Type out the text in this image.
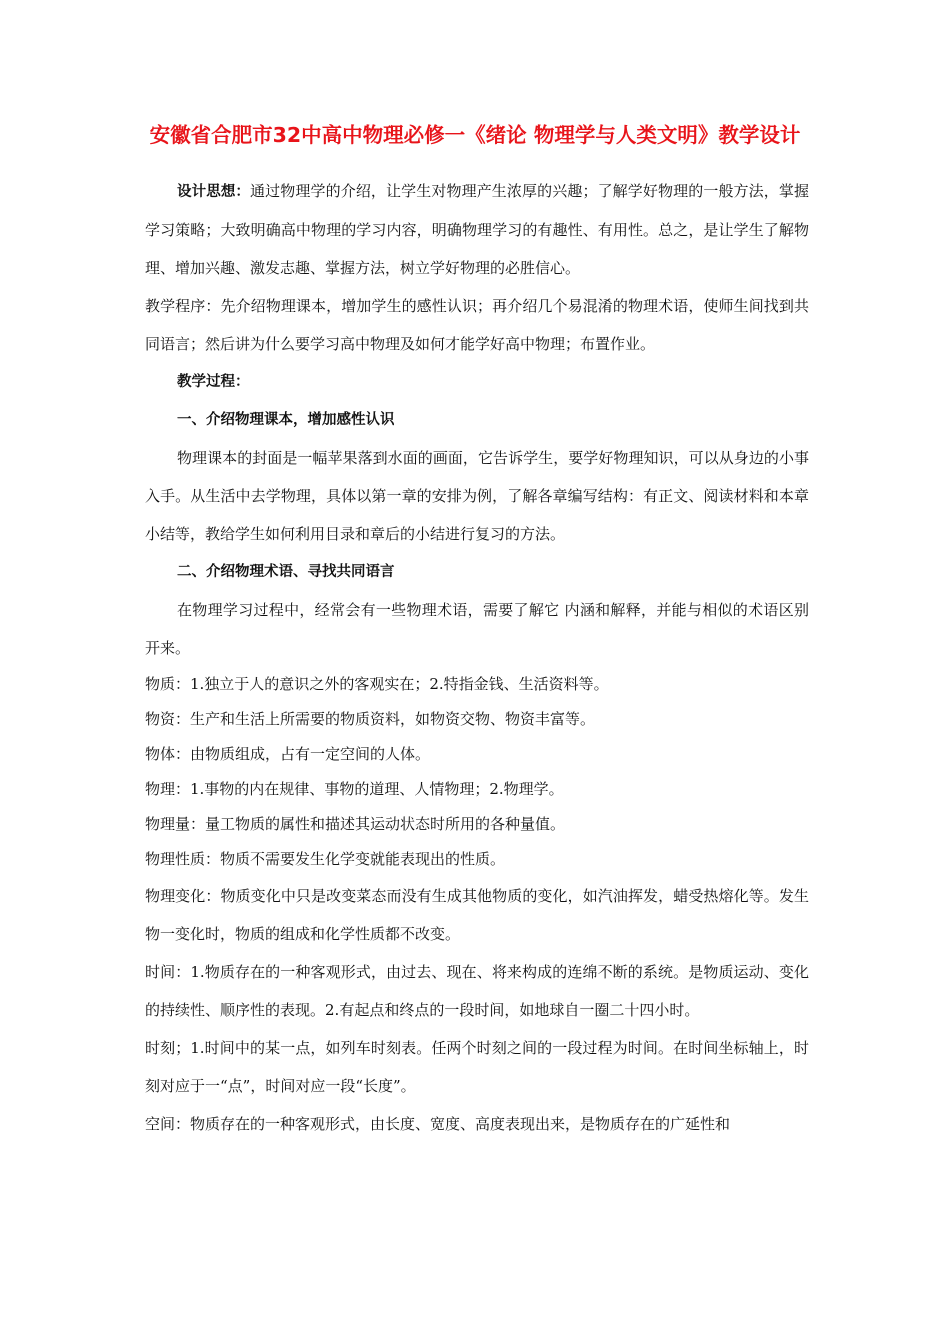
安徽省合肥市32中高中物理必修一《绪论 物理学与人类文明》教学设计

设计思想：通过物理学的介绍，让学生对物理产生浓厚的兴趣；了解学好物理的一般方法，掌握学习策略；大致明确高中物理的学习内容，明确物理学习的有趣性、有用性。总之，是让学生了解物理、增加兴趣、激发志趣、掌握方法，树立学好物理的必胜信心。

教学程序：先介绍物理课本，增加学生的感性认识；再介绍几个易混淆的物理术语，使师生间找到共同语言；然后讲为什么要学习高中物理及如何才能学好高中物理；布置作业。

教学过程：

一、介绍物理课本，增加感性认识

物理课本的封面是一幅苹果落到水面的画面，它告诉学生，要学好物理知识，可以从身边的小事入手。从生活中去学物理，具体以第一章的安排为例，了解各章编写结构：有正文、阅读材料和本章小结等，教给学生如何利用目录和章后的小结进行复习的方法。

二、介绍物理术语、寻找共同语言

在物理学习过程中，经常会有一些物理术语，需要了解它 内涵和解释，并能与相似的术语区别开来。

物质：1.独立于人的意识之外的客观实在；2.特指金钱、生活资料等。

物资：生产和生活上所需要的物质资料，如物资交物、物资丰富等。

物体：由物质组成，占有一定空间的人体。

物理：1.事物的内在规律、事物的道理、人情物理；2.物理学。

物理量：量工物质的属性和描述其运动状态时所用的各种量值。

物理性质：物质不需要发生化学变就能表现出的性质。

物理变化：物质变化中只是改变菜态而没有生成其他物质的变化，如汽油挥发，蜡受热熔化等。发生物一变化时，物质的组成和化学性质都不改变。

时间：1.物质存在的一种客观形式，由过去、现在、将来构成的连绵不断的系统。是物质运动、变化的持续性、顺序性的表现。2.有起点和终点的一段时间，如地球自一圈二十四小时。

时刻；1.时间中的某一点，如列车时刻表。任两个时刻之间的一段过程为时间。在时间坐标轴上，时刻对应于一“点”，时间对应一段“长度”。

空间：物质存在的一种客观形式，由长度、宽度、高度表现出来，是物质存在的广延性和
